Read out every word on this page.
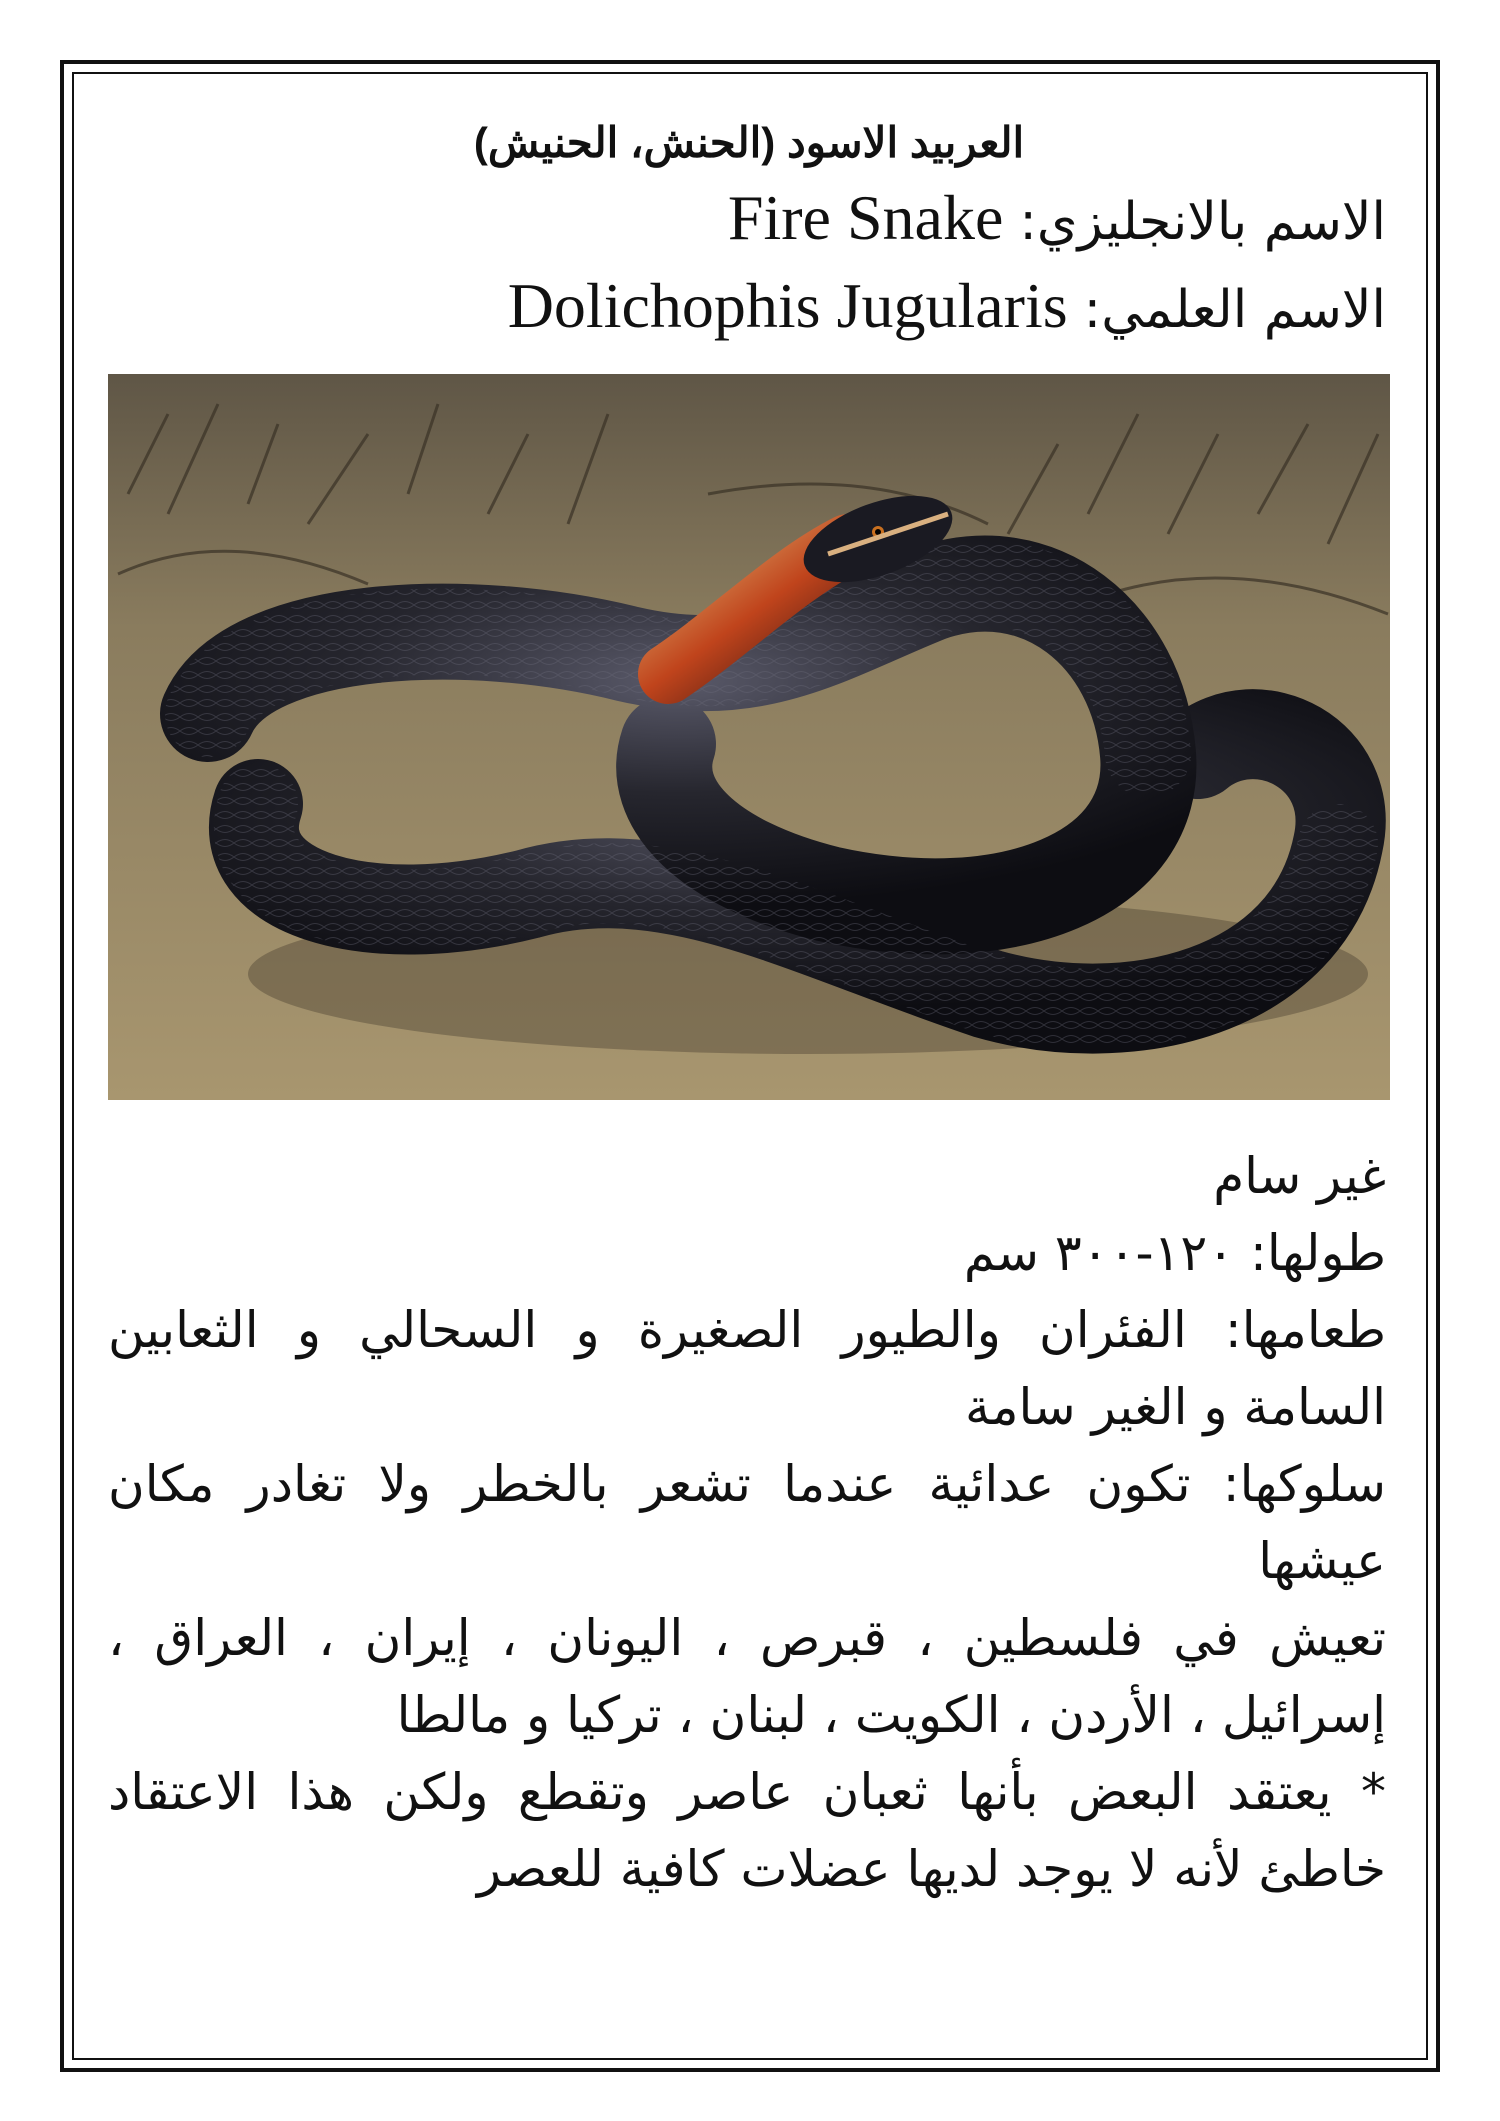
العربيد الاسود (الحنش، الحنيش)

الاسم بالانجليزي: Fire Snake

الاسم العلمي: Dolichophis Jugularis

غير سام

طولها: ١٢٠-٣٠٠ سم

طعامها: الفئران والطيور الصغيرة و السحالي و الثعابين السامة و الغير سامة

سلوكها: تكون عدائية عندما تشعر بالخطر ولا تغادر مكان عيشها

تعيش في فلسطين ، قبرص ، اليونان ، إيران ، العراق ، إسرائيل ، الأردن ، الكويت ، لبنان ، تركيا و مالطا

* يعتقد البعض بأنها ثعبان عاصر وتقطع ولكن هذا الاعتقاد خاطئ لأنه لا يوجد لديها عضلات كافية للعصر
